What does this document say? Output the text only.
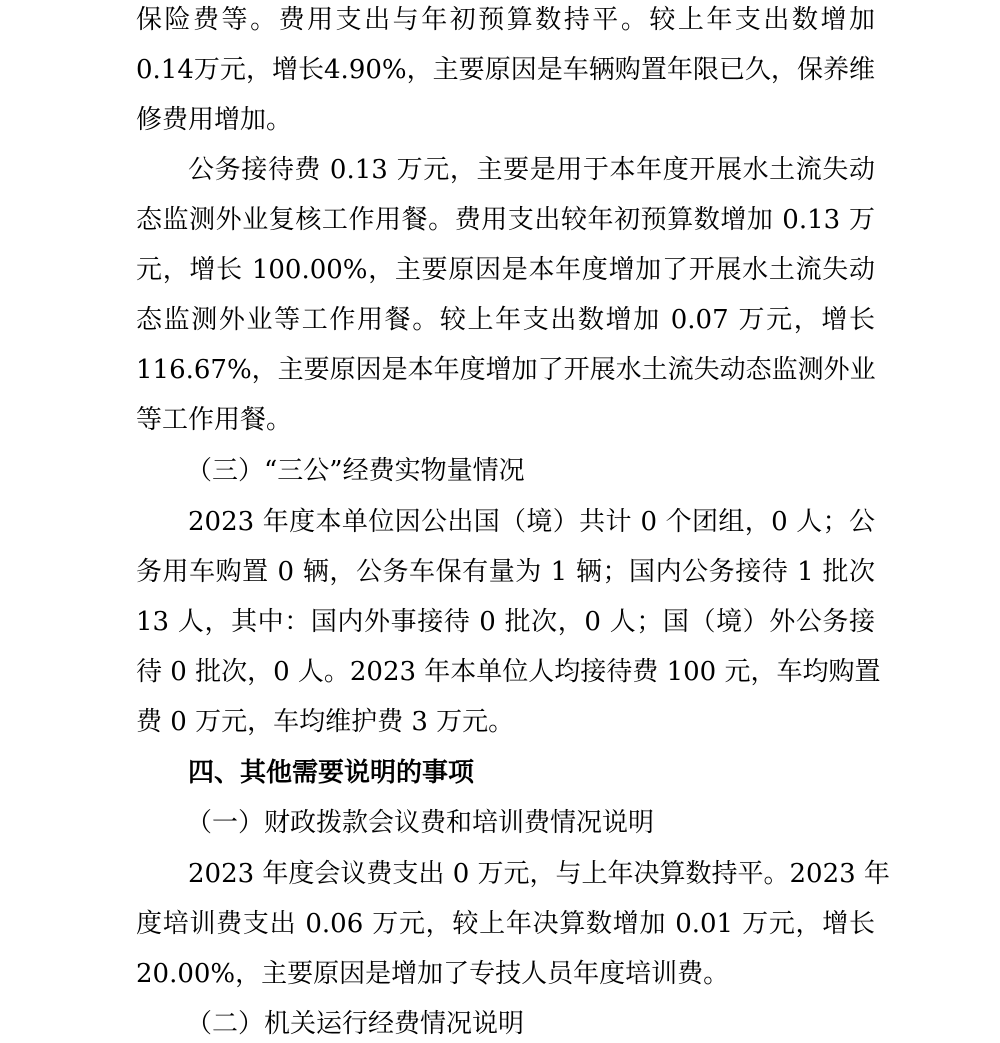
保险费等。费用支出与年初预算数持平。较上年支出数增加
0.14万元，增长4.90%，主要原因是车辆购置年限已久，保养维
修费用增加。
公务接待费 0.13 万元，主要是用于本年度开展水土流失动
态监测外业复核工作用餐。费用支出较年初预算数增加 0.13 万
元，增长 100.00%，主要原因是本年度增加了开展水土流失动
态监测外业等工作用餐。较上年支出数增加 0.07 万元，增长
116.67%，主要原因是本年度增加了开展水土流失动态监测外业
等工作用餐。
（三）“三公”经费实物量情况
2023 年度本单位因公出国（境）共计 0 个团组，0 人；公
务用车购置 0 辆，公务车保有量为 1 辆；国内公务接待 1 批次
13 人，其中：国内外事接待 0 批次，0 人；国（境）外公务接
待 0 批次，0 人。2023 年本单位人均接待费 100 元，车均购置
费 0 万元，车均维护费 3 万元。
四、其他需要说明的事项
（一）财政拨款会议费和培训费情况说明
2023 年度会议费支出 0 万元，与上年决算数持平。2023 年
度培训费支出 0.06 万元，较上年决算数增加 0.01 万元，增长
20.00%，主要原因是增加了专技人员年度培训费。
（二）机关运行经费情况说明
